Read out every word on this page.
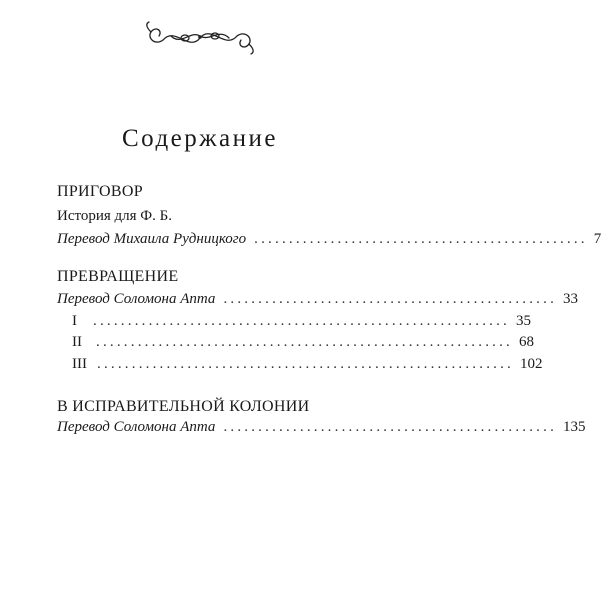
Содержание
ПРИГОВОР
История для Ф. Б.
Перевод Михаила Рудницкого ................................................ 7
ПРЕВРАЩЕНИЕ
Перевод Соломона Апта ................................................ 33
I ............................................................ 35
II ............................................................ 68
III ............................................................ 102
В ИСПРАВИТЕЛЬНОЙ КОЛОНИИ
Перевод Соломона Апта ................................................ 135
